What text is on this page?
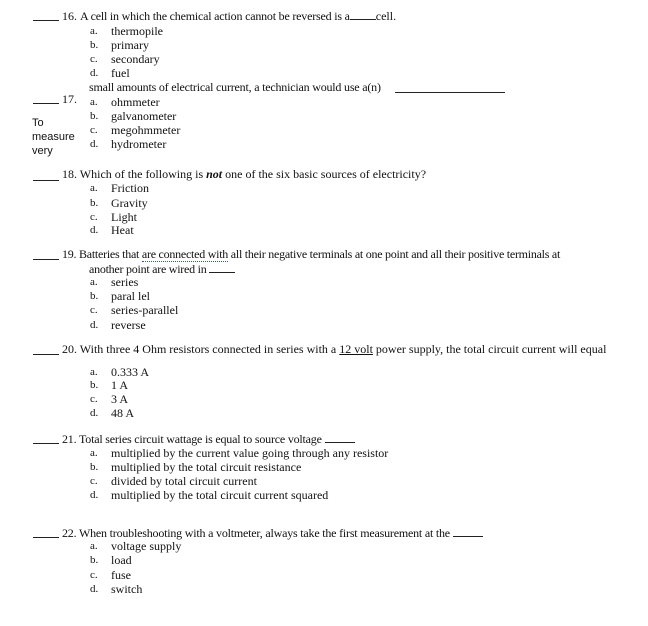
16. A cell in which the chemical action cannot be reversed is a cell.
a. thermopile
b. primary
c. secondary
d. fuel
small amounts of electrical current, a technician would use a(n)
17.
To
measure
very
a. ohmmeter
b. galvanometer
c. megohmmeter
d. hydrometer
18. Which of the following is not one of the six basic sources of electricity?
a. Friction
b. Gravity
c. Light
d. Heat
19. Batteries that are connected with all their negative terminals at one point and all their positive terminals at
another point are wired in
a. series
b. paral lel
c. series-parallel
d. reverse
20. With three 4 Ohm resistors connected in series with a 12 volt power supply, the total circuit current will equal
a. 0.333 A
b. 1 A
c. 3 A
d. 48 A
21. Total series circuit wattage is equal to source voltage
a. multiplied by the current value going through any resistor
b. multiplied by the total circuit resistance
c. divided by total circuit current
d. multiplied by the total circuit current squared
22. When troubleshooting with a voltmeter, always take the first measurement at the
a. voltage supply
b. load
c. fuse
d. switch
